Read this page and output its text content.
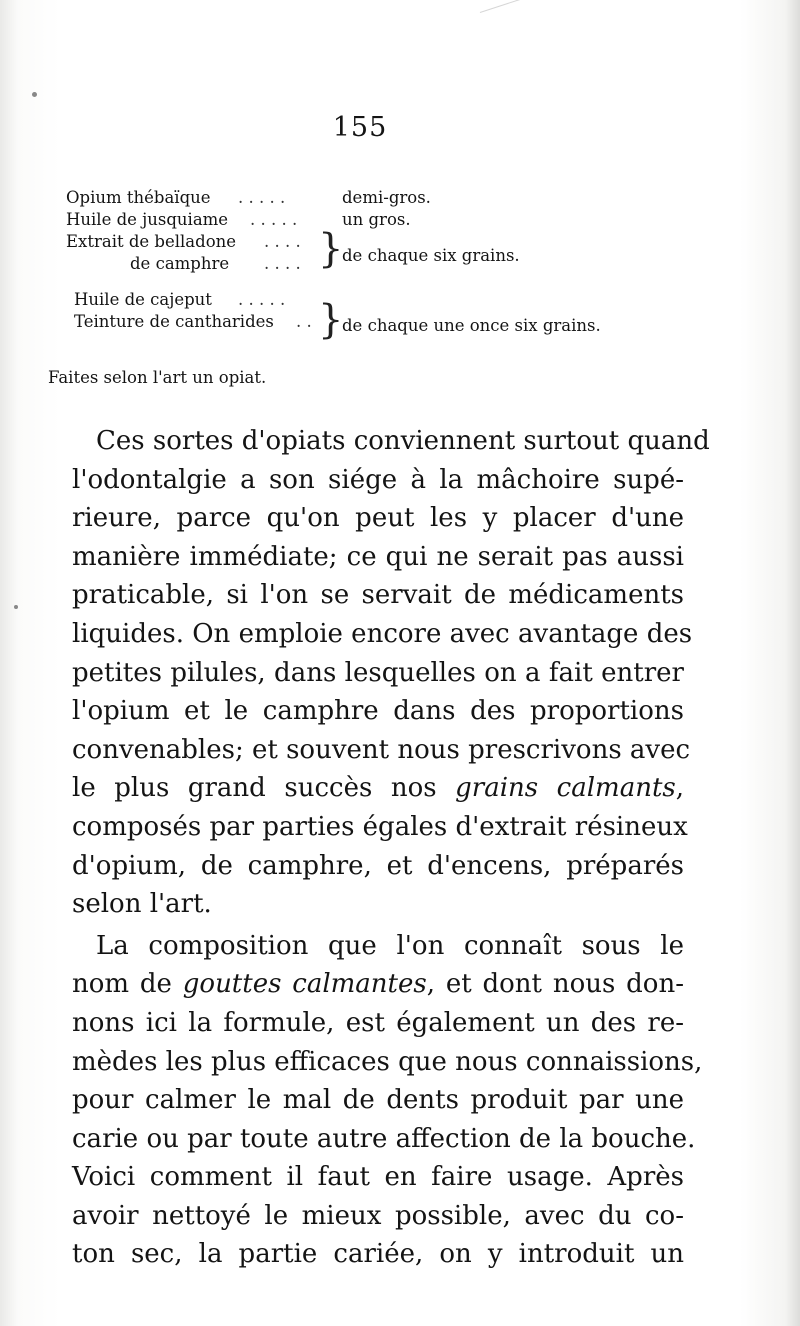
155
Opium thébaïque . . . . .	demi-gros.
Huile de jusquiame . . . . .	un gros.
Extrait de belladone . . . .
de camphre . . . . }
de chaque six grains.
Huile de cajeput . . . . .
Teinture de cantharides . . }
de chaque une once six grains.
Faites selon l'art un opiat.

Ces sortes d'opiats conviennent surtout quand
l'odontalgie a son siége à la mâchoire supé-
rieure, parce qu'on peut les y placer d'une
manière immédiate; ce qui ne serait pas aussi
praticable, si l'on se servait de médicaments
liquides. On emploie encore avec avantage des
petites pilules, dans lesquelles on a fait entrer
l'opium et le camphre dans des proportions
convenables; et souvent nous prescrivons avec
le plus grand succès nos grains calmants,
composés par parties égales d'extrait résineux
d'opium, de camphre, et d'encens, préparés
selon l'art.

La composition que l'on connaît sous le
nom de gouttes calmantes, et dont nous don-
nons ici la formule, est également un des re-
mèdes les plus efficaces que nous connaissions,
pour calmer le mal de dents produit par une
carie ou par toute autre affection de la bouche.
Voici comment il faut en faire usage. Après
avoir nettoyé le mieux possible, avec du co-
ton sec, la partie cariée, on y introduit un
